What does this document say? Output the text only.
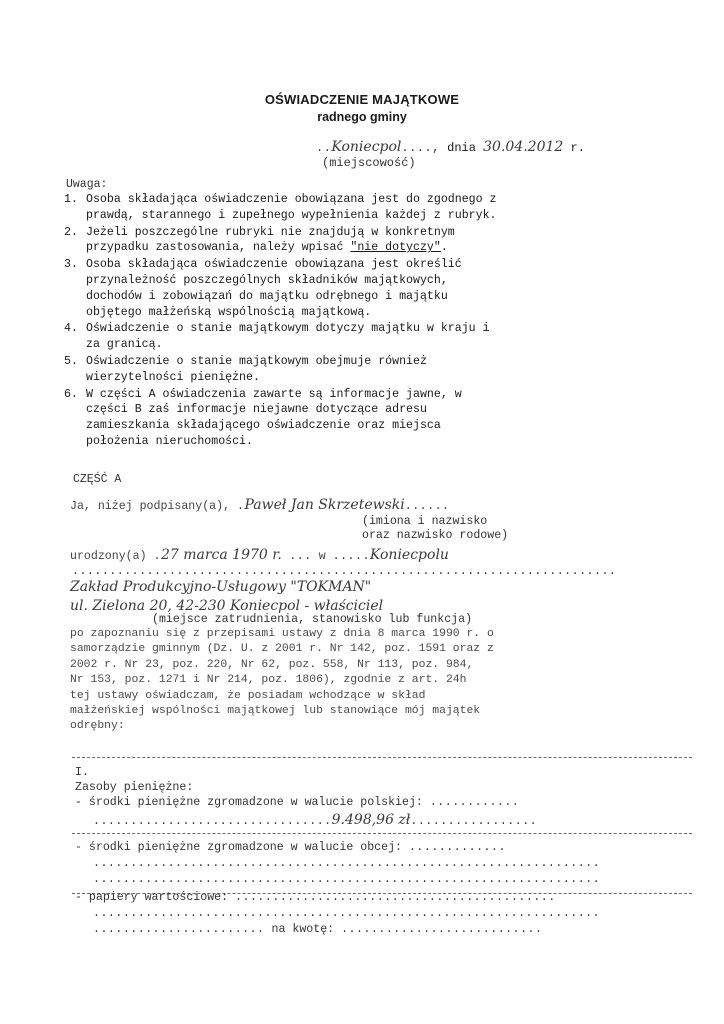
OŚWIADCZENIE MAJĄTKOWE
radnego gminy
..Koniecpol...., dnia 30.04.2012 r.
(miejscowość)
Uwaga:
1. Osoba składająca oświadczenie obowiązana jest do zgodnego z
prawdą, starannego i zupełnego wypełnienia każdej z rubryk.
2. Jeżeli poszczególne rubryki nie znajdują w konkretnym
przypadku zastosowania, należy wpisać "nie dotyczy".
3. Osoba składająca oświadczenie obowiązana jest określić
przynależność poszczególnych składników majątkowych,
dochodów i zobowiązań do majątku odrębnego i majątku
objętego małżeńską wspólnością majątkową.
4. Oświadczenie o stanie majątkowym dotyczy majątku w kraju i
za granicą.
5. Oświadczenie o stanie majątkowym obejmuje również
wierzytelności pieniężne.
6. W części A oświadczenia zawarte są informacje jawne, w
części B zaś informacje niejawne dotyczące adresu
zamieszkania składającego oświadczenie oraz miejsca
położenia nieruchomości.
CZĘŚĆ A
Ja, niżej podpisany(a), .Paweł Jan Skrzetewski......
(imiona i nazwisko
oraz nazwisko rodowe)
urodzony(a) .27 marca 1970 r. ... w .....Koniecpolu
.........................................................................
Zakład Produkcyjno-Usługowy "TOKMAN"
ul. Zielona 20, 42-230 Koniecpol - właściciel
(miejsce zatrudnienia, stanowisko lub funkcja)
po zapoznaniu się z przepisami ustawy z dnia 8 marca 1990 r. o
samorządzie gminnym (Dz. U. z 2001 r. Nr 142, poz. 1591 oraz z
2002 r. Nr 23, poz. 220, Nr 62, poz. 558, Nr 113, poz. 984,
Nr 153, poz. 1271 i Nr 214, poz. 1806), zgodnie z art. 24h
tej ustawy oświadczam, że posiadam wchodzące w skład
małżeńskiej wspólności majątkowej lub stanowiące mój majątek
odrębny:
I.
Zasoby pieniężne:
- środki pieniężne zgromadzone w walucie polskiej: ............
................................9.498,96 zł.................
- środki pieniężne zgromadzone w walucie obcej: .............
....................................................................
....................................................................
- papiery wartościowe: ...........................................
....................................................................
....................... na kwotę: ...........................
